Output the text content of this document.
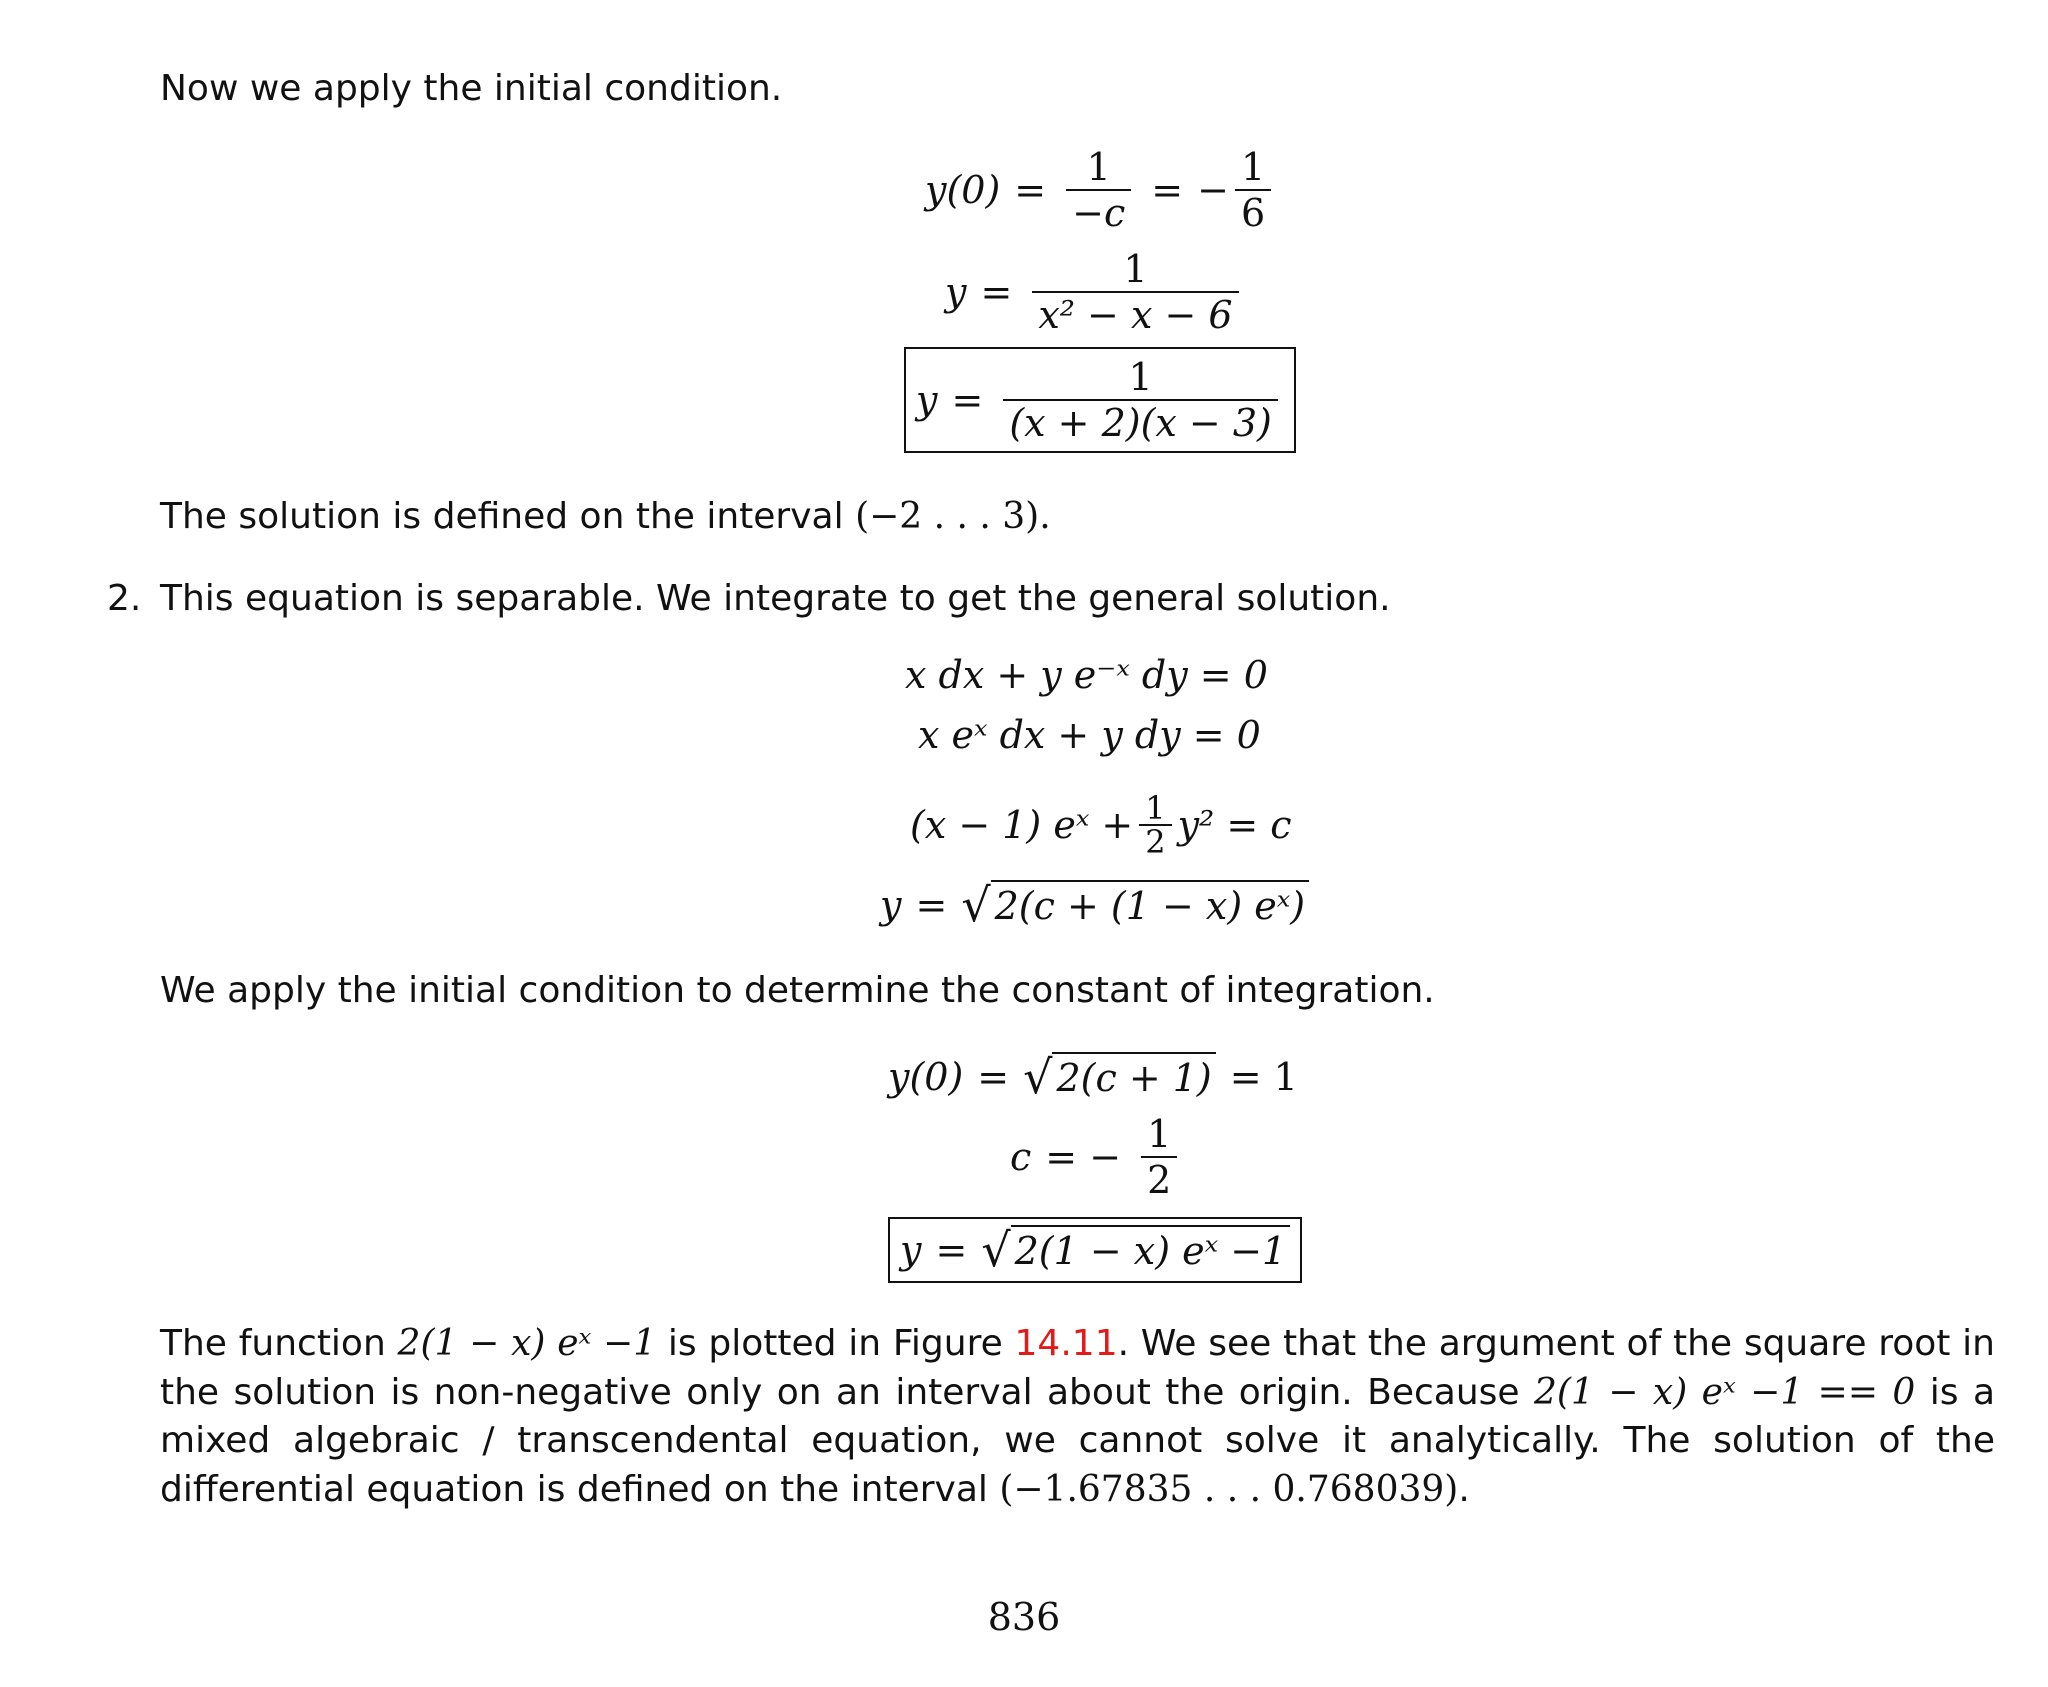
Now we apply the initial condition.

$y(0) = \frac{1}{-c}$ = − $\frac{1}{6}$
$y = \frac{1}{\text{x² − x − 6}}$
$y = \frac{1}{(x + 2)(x - 3)}$

The solution is defined on the interval (−2 . . . 3).

2. This equation is separable. We integrate to get the general solution.

x dx + y e⁻ˣ dy = 0
x eˣ dx + y dy = 0
(x − 1) eˣ + $\frac{1}{2} y^2 = c$
y = √ 2(c + (1 − x) eˣ)

We apply the initial condition to determine the constant of integration.

y(0) = √ 2(c + 1) = 1
c = − $\frac{1}{2}$
y = √ 2(1 − x) eˣ −1

The function 2(1 − x) eˣ −1 is plotted in Figure 14.11. We see that the argument of the square root in the solution is non-negative only on an interval about the origin. Because 2(1 − x) eˣ −1 == 0 is a mixed algebraic / transcendental equation, we cannot solve it analytically. The solution of the differential equation is defined on the interval (−1.67835 . . . 0.768039).

836
